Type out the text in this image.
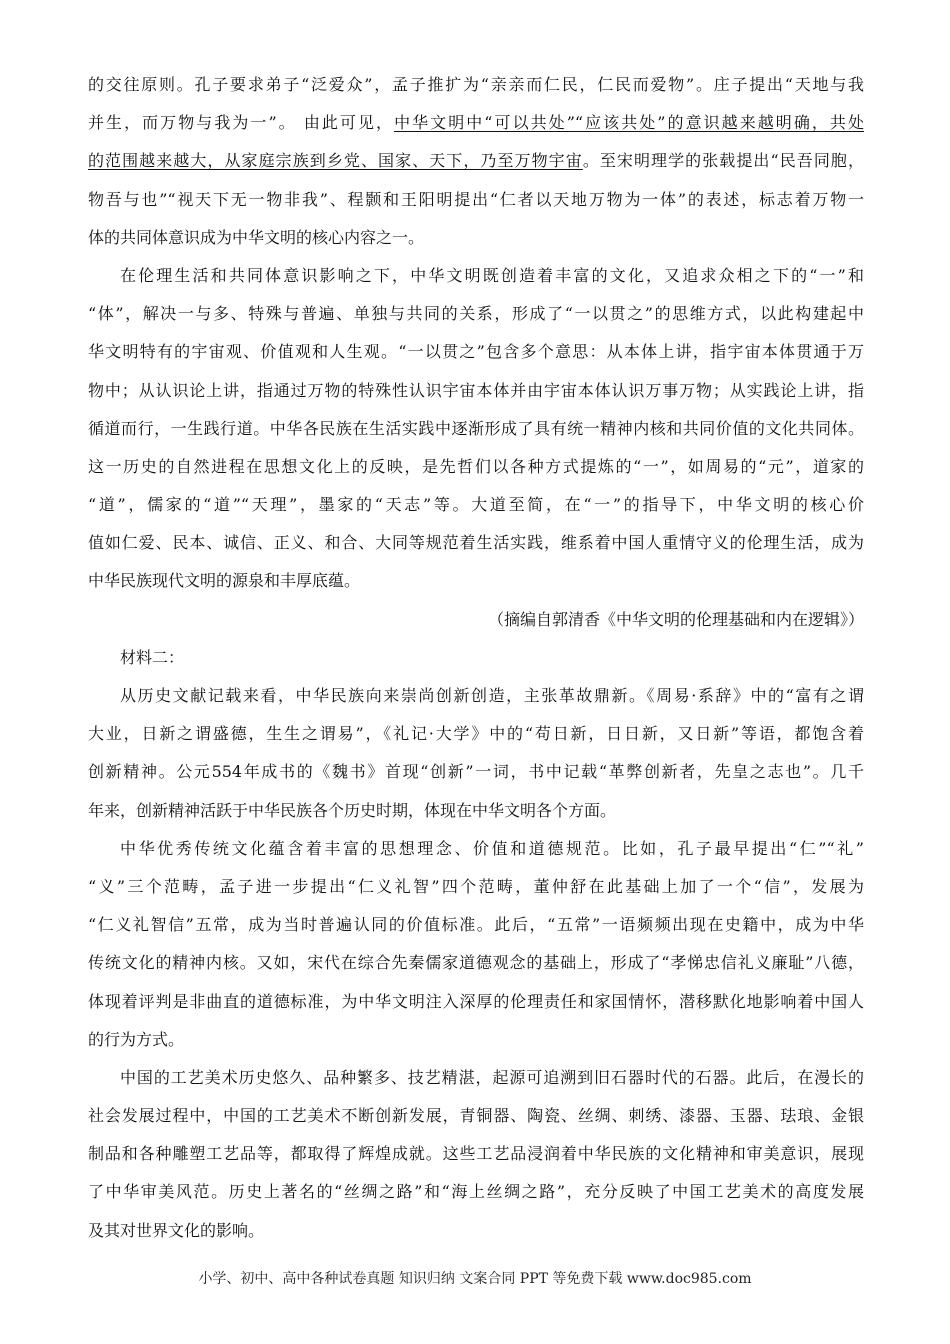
的交往原则。孔子要求弟子“泛爱众”，孟子推扩为“亲亲而仁民，仁民而爱物”。庄子提出“天地与我
并生，而万物与我为一”。 由此可见，中华文明中“可以共处”“应该共处”的意识越来越明确，共处
的范围越来越大，从家庭宗族到乡党、国家、天下，乃至万物宇宙。至宋明理学的张载提出“民吾同胞，
物吾与也”“视天下无一物非我”、程颢和王阳明提出“仁者以天地万物为一体”的表述，标志着万物一
体的共同体意识成为中华文明的核心内容之一。
在伦理生活和共同体意识影响之下，中华文明既创造着丰富的文化，又追求众相之下的“一”和
“体”，解决一与多、特殊与普遍、单独与共同的关系，形成了“一以贯之”的思维方式，以此构建起中
华文明特有的宇宙观、价值观和人生观。“一以贯之”包含多个意思：从本体上讲，指宇宙本体贯通于万
物中；从认识论上讲，指通过万物的特殊性认识宇宙本体并由宇宙本体认识万事万物；从实践论上讲，指
循道而行，一生践行道。中华各民族在生活实践中逐渐形成了具有统一精神内核和共同价值的文化共同体。
这一历史的自然进程在思想文化上的反映，是先哲们以各种方式提炼的“一”，如周易的“元”，道家的
“道”，儒家的“道”“天理”，墨家的“天志”等。大道至简，在“一”的指导下，中华文明的核心价
值如仁爱、民本、诚信、正义、和合、大同等规范着生活实践，维系着中国人重情守义的伦理生活，成为
中华民族现代文明的源泉和丰厚底蕴。
（摘编自郭清香《中华文明的伦理基础和内在逻辑》）
材料二：
从历史文献记载来看，中华民族向来崇尚创新创造，主张革故鼎新。《周易·系辞》中的“富有之谓
大业，日新之谓盛德，生生之谓易”，《礼记·大学》中的“苟日新，日日新，又日新”等语，都饱含着
创新精神。公元554年成书的《魏书》首现“创新”一词，书中记载“革弊创新者，先皇之志也”。几千
年来，创新精神活跃于中华民族各个历史时期，体现在中华文明各个方面。
中华优秀传统文化蕴含着丰富的思想理念、价值和道德规范。比如，孔子最早提出“仁”“礼”
“义”三个范畴，孟子进一步提出“仁义礼智”四个范畴，董仲舒在此基础上加了一个“信”，发展为
“仁义礼智信”五常，成为当时普遍认同的价值标准。此后，“五常”一语频频出现在史籍中，成为中华
传统文化的精神内核。又如，宋代在综合先秦儒家道德观念的基础上，形成了“孝悌忠信礼义廉耻”八德，
体现着评判是非曲直的道德标准，为中华文明注入深厚的伦理责任和家国情怀，潜移默化地影响着中国人
的行为方式。
中国的工艺美术历史悠久、品种繁多、技艺精湛，起源可追溯到旧石器时代的石器。此后，在漫长的
社会发展过程中，中国的工艺美术不断创新发展，青铜器、陶瓷、丝绸、刺绣、漆器、玉器、珐琅、金银
制品和各种雕塑工艺品等，都取得了辉煌成就。这些工艺品浸润着中华民族的文化精神和审美意识，展现
了中华审美风范。历史上著名的“丝绸之路”和“海上丝绸之路”，充分反映了中国工艺美术的高度发展
及其对世界文化的影响。
小学、初中、高中各种试卷真题 知识归纳 文案合同 PPT 等免费下载 www.doc985.com
